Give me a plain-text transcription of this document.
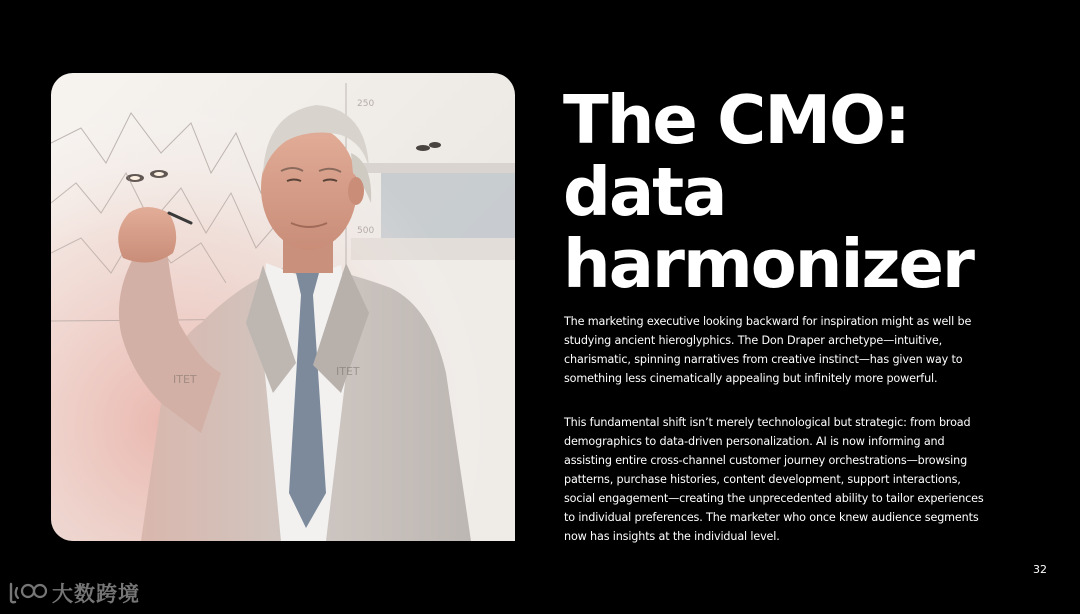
ITET
ITET
250
500
The CMO:
data
harmonizer

The marketing executive looking backward for inspiration might as well be studying ancient hieroglyphics. The Don Draper archetype—intuitive, charismatic, spinning narratives from creative instinct—has given way to something less cinematically appealing but infinitely more powerful.

This fundamental shift isn’t merely technological but strategic: from broad demographics to data-driven personalization. AI is now informing and assisting entire cross-channel customer journey orchestrations—browsing patterns, purchase histories, content development, support interactions, social engagement—creating the unprecedented ability to tailor experiences to individual preferences. The marketer who once knew audience segments now has insights at the individual level.

32
大数跨境
